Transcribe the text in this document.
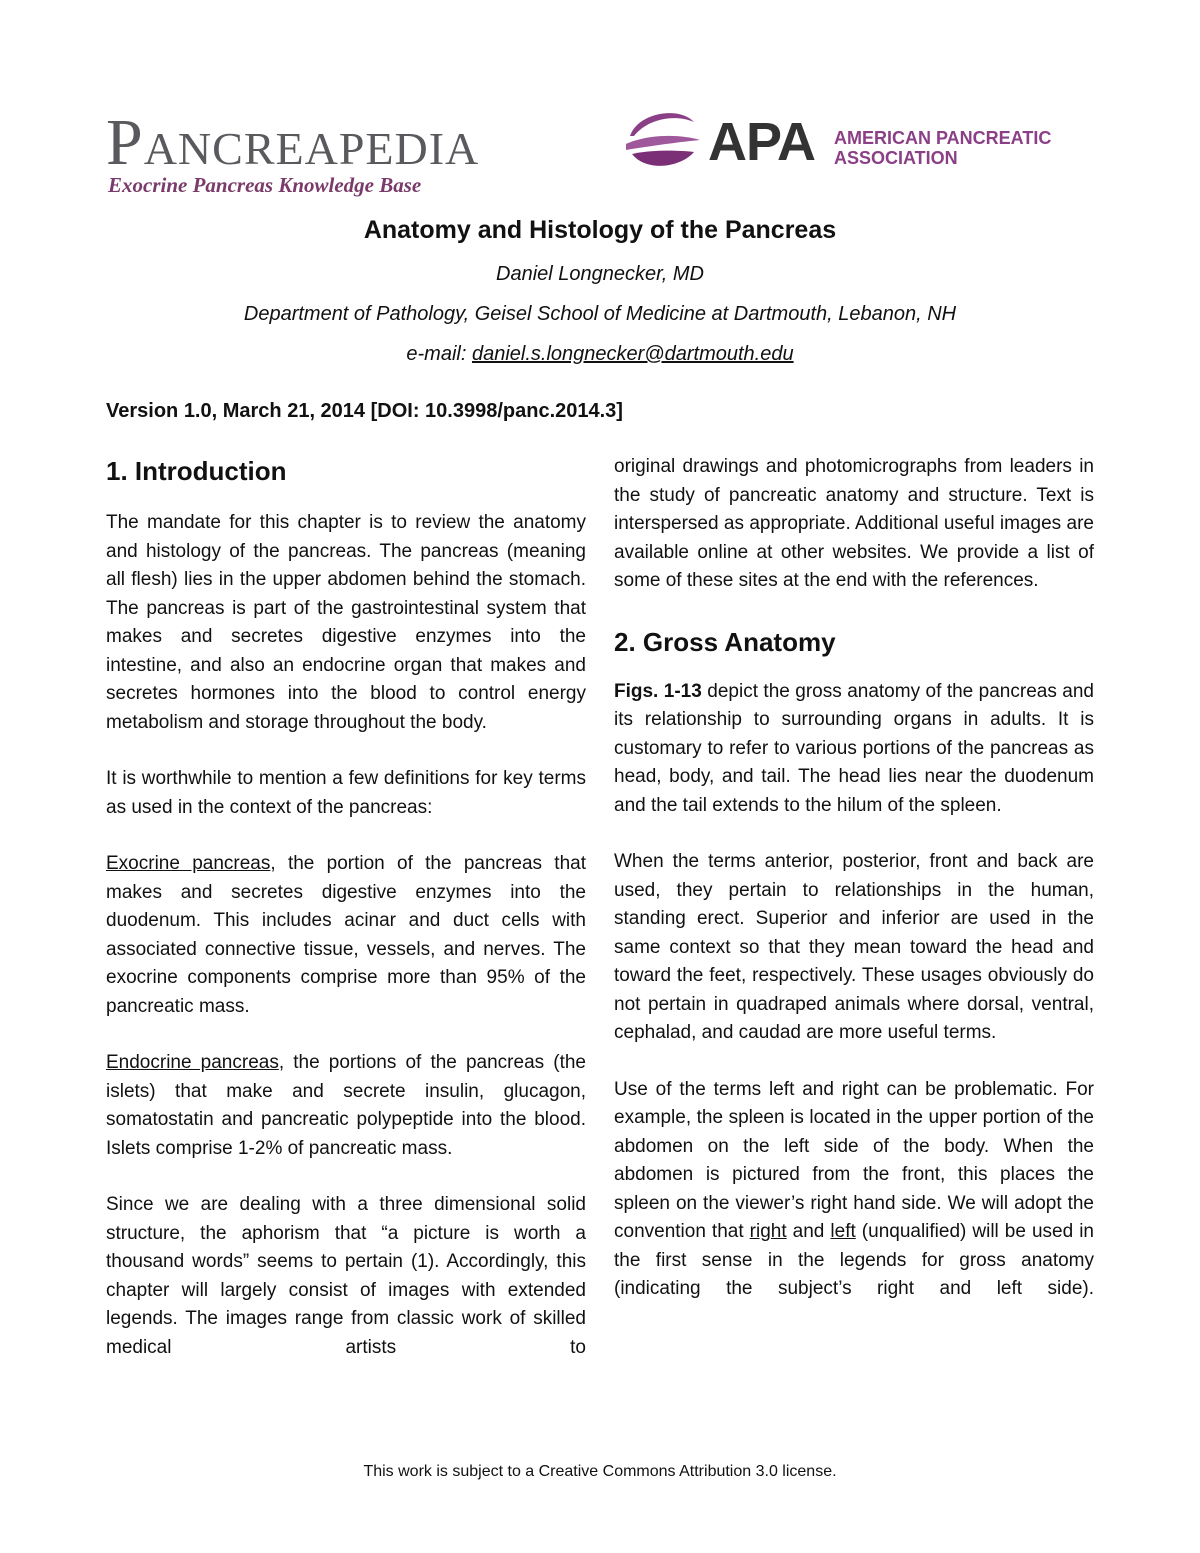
Pancreapedia
Exocrine Pancreas Knowledge Base
APA AMERICAN PANCREATIC
ASSOCIATION
Anatomy and Histology of the Pancreas
Daniel Longnecker, MD
Department of Pathology, Geisel School of Medicine at Dartmouth, Lebanon, NH
e-mail: daniel.s.longnecker@dartmouth.edu
Version 1.0, March 21, 2014 [DOI: 10.3998/panc.2014.3]
1. Introduction

The mandate for this chapter is to review the anatomy and histology of the pancreas. The pancreas (meaning all flesh) lies in the upper abdomen behind the stomach. The pancreas is part of the gastrointestinal system that makes and secretes digestive enzymes into the intestine, and also an endocrine organ that makes and secretes hormones into the blood to control energy metabolism and storage throughout the body.

It is worthwhile to mention a few definitions for key terms as used in the context of the pancreas:

Exocrine pancreas, the portion of the pancreas that makes and secretes digestive enzymes into the duodenum. This includes acinar and duct cells with associated connective tissue, vessels, and nerves. The exocrine components comprise more than 95% of the pancreatic mass.

Endocrine pancreas, the portions of the pancreas (the islets) that make and secrete insulin, glucagon, somatostatin and pancreatic polypeptide into the blood. Islets comprise 1-2% of pancreatic mass.

Since we are dealing with a three dimensional solid structure, the aphorism that “a picture is worth a thousand words” seems to pertain (1). Accordingly, this chapter will largely consist of images with extended legends. The images range from classic work of skilled medical artists to

original drawings and photomicrographs from leaders in the study of pancreatic anatomy and structure. Text is interspersed as appropriate. Additional useful images are available online at other websites. We provide a list of some of these sites at the end with the references.

2. Gross Anatomy

Figs. 1-13 depict the gross anatomy of the pancreas and its relationship to surrounding organs in adults. It is customary to refer to various portions of the pancreas as head, body, and tail. The head lies near the duodenum and the tail extends to the hilum of the spleen.

When the terms anterior, posterior, front and back are used, they pertain to relationships in the human, standing erect. Superior and inferior are used in the same context so that they mean toward the head and toward the feet, respectively. These usages obviously do not pertain in quadraped animals where dorsal, ventral, cephalad, and caudad are more useful terms.

Use of the terms left and right can be problematic. For example, the spleen is located in the upper portion of the abdomen on the left side of the body. When the abdomen is pictured from the front, this places the spleen on the viewer’s right hand side. We will adopt the convention that right and left (unqualified) will be used in the first sense in the legends for gross anatomy (indicating the subject’s right and left side).

This work is subject to a Creative Commons Attribution 3.0 license.
